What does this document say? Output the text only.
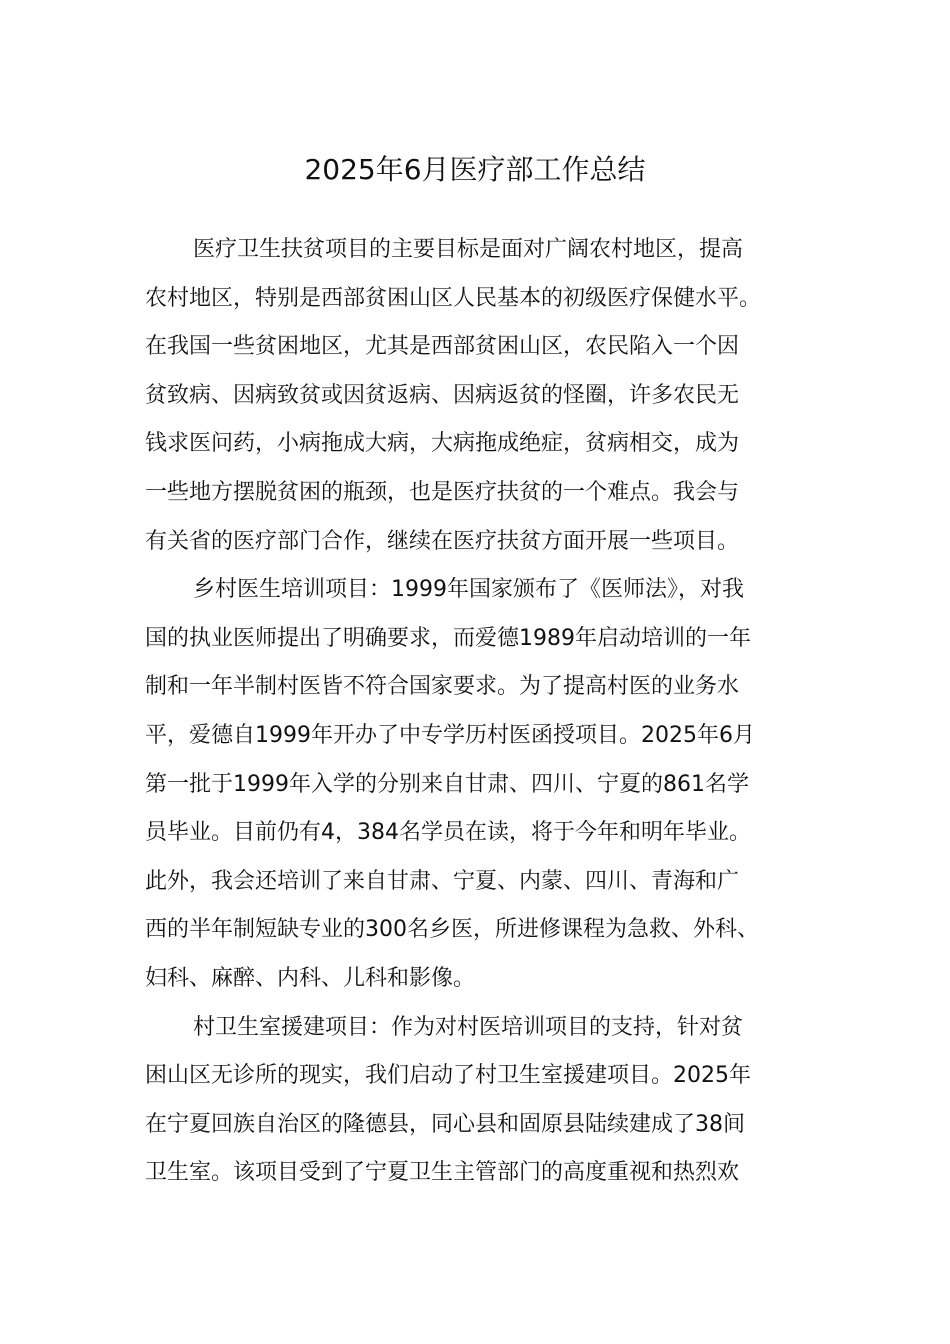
2025年6月医疗部工作总结

医疗卫生扶贫项目的主要目标是面对广阔农村地区，提高
农村地区，特别是西部贫困山区人民基本的初级医疗保健水平。
在我国一些贫困地区，尤其是西部贫困山区，农民陷入一个因
贫致病、因病致贫或因贫返病、因病返贫的怪圈，许多农民无
钱求医问药，小病拖成大病，大病拖成绝症，贫病相交，成为
一些地方摆脱贫困的瓶颈，也是医疗扶贫的一个难点。我会与
有关省的医疗部门合作，继续在医疗扶贫方面开展一些项目。

乡村医生培训项目：1999年国家颁布了《医师法》，对我
国的执业医师提出了明确要求，而爱德1989年启动培训的一年
制和一年半制村医皆不符合国家要求。为了提高村医的业务水
平，爱德自1999年开办了中专学历村医函授项目。2025年6月
第一批于1999年入学的分别来自甘肃、四川、宁夏的861名学
员毕业。目前仍有4，384名学员在读，将于今年和明年毕业。
此外，我会还培训了来自甘肃、宁夏、内蒙、四川、青海和广
西的半年制短缺专业的300名乡医，所进修课程为急救、外科、
妇科、麻醉、内科、儿科和影像。

村卫生室援建项目：作为对村医培训项目的支持，针对贫
困山区无诊所的现实，我们启动了村卫生室援建项目。2025年
在宁夏回族自治区的隆德县，同心县和固原县陆续建成了38间
卫生室。该项目受到了宁夏卫生主管部门的高度重视和热烈欢
